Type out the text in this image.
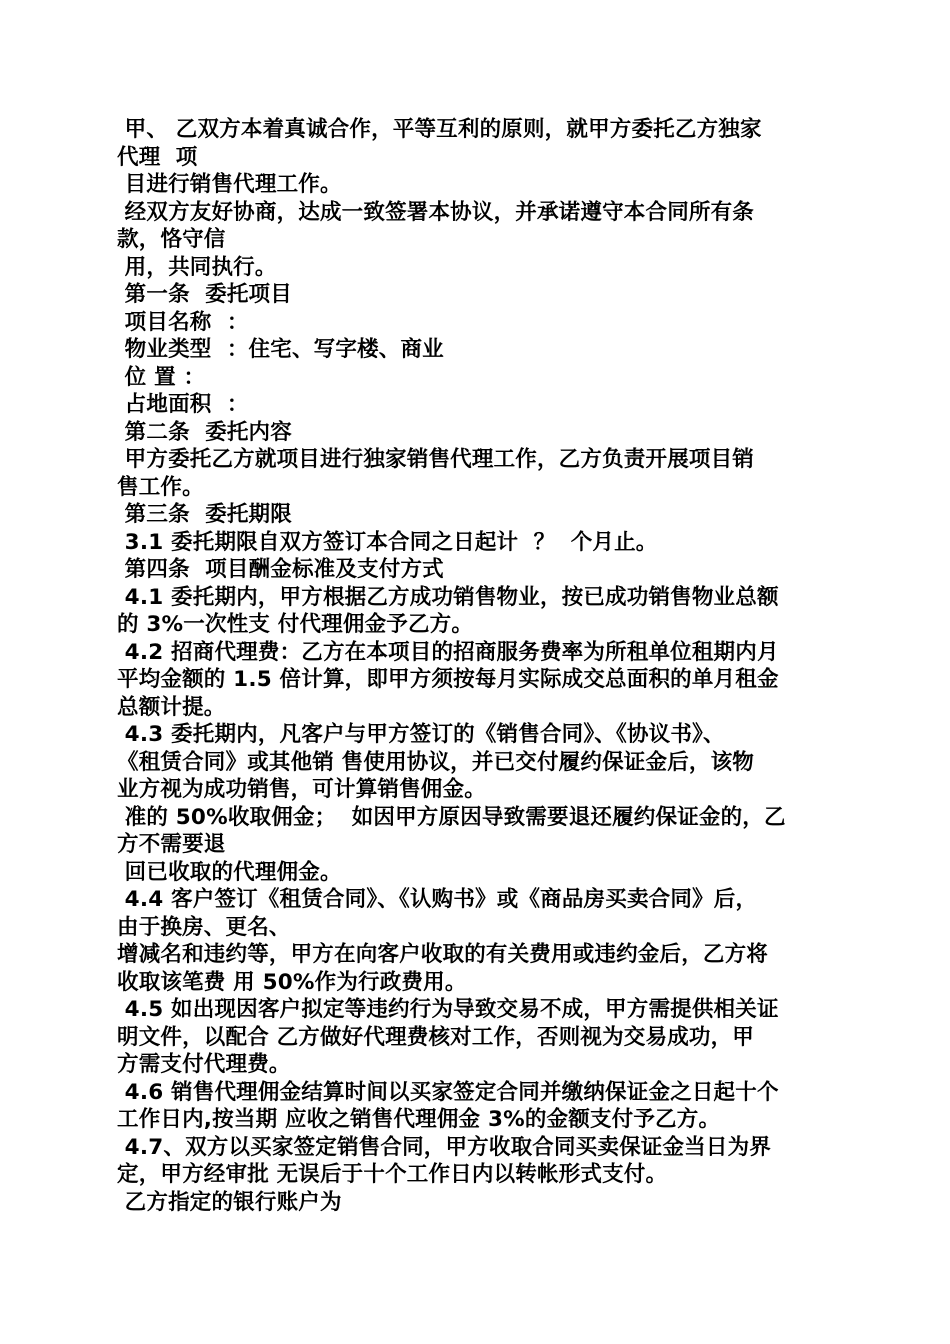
甲、 乙双方本着真诚合作，平等互利的原则，就甲方委托乙方独家
代理  项
目进行销售代理工作。
经双方友好协商，达成一致签署本协议，并承诺遵守本合同所有条
款，恪守信
用，共同执行。
第一条  委托项目
项目名称  ：
物业类型  ：住宅、写字楼、商业
位 置 ：
占地面积  ：
第二条  委托内容
甲方委托乙方就项目进行独家销售代理工作，乙方负责开展项目销
售工作。
第三条  委托期限
3.1 委托期限自双方签订本合同之日起计  ？  个月止。
第四条  项目酬金标准及支付方式
4.1 委托期内，甲方根据乙方成功销售物业，按已成功销售物业总额
的 3%一次性支 付代理佣金予乙方。
4.2 招商代理费：乙方在本项目的招商服务费率为所租单位租期内月
平均金额的 1.5 倍计算，即甲方须按每月实际成交总面积的单月租金
总额计提。
4.3 委托期内，凡客户与甲方签订的《销售合同》、《协议书》、
《租赁合同》或其他销 售使用协议，并已交付履约保证金后，该物
业方视为成功销售，可计算销售佣金。
准的 50%收取佣金；  如因甲方原因导致需要退还履约保证金的，乙
方不需要退
回已收取的代理佣金。
4.4 客户签订《租赁合同》、《认购书》或《商品房买卖合同》后，
由于换房、更名、
增减名和违约等，甲方在向客户收取的有关费用或违约金后，乙方将
收取该笔费 用 50%作为行政费用。
4.5 如出现因客户拟定等违约行为导致交易不成，甲方需提供相关证
明文件，以配合 乙方做好代理费核对工作，否则视为交易成功，甲
方需支付代理费。
4.6 销售代理佣金结算时间以买家签定合同并缴纳保证金之日起十个
工作日内,按当期 应收之销售代理佣金 3%的金额支付予乙方。
4.7、双方以买家签定销售合同，甲方收取合同买卖保证金当日为界
定，甲方经审批 无误后于十个工作日内以转帐形式支付。
乙方指定的银行账户为
